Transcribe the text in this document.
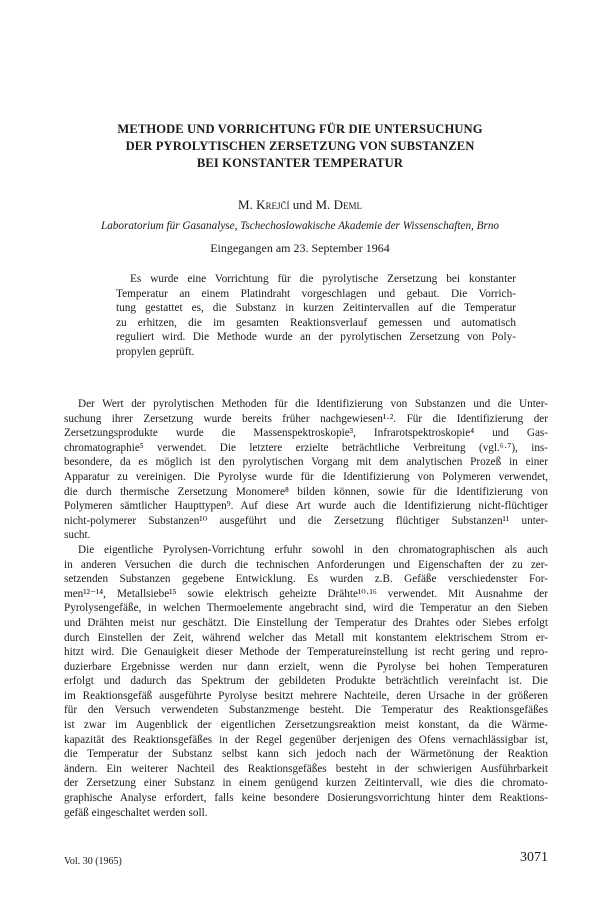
METHODE UND VORRICHTUNG FÜR DIE UNTERSUCHUNG
DER PYROLYTISCHEN ZERSETZUNG VON SUBSTANZEN
BEI KONSTANTER TEMPERATUR
M. Krejčí und M. Deml
Laboratorium für Gasanalyse, Tschechoslowakische Akademie der Wissenschaften, Brno
Eingegangen am 23. September 1964
Es wurde eine Vorrichtung für die pyrolytische Zersetzung bei konstanter
Temperatur an einem Platindraht vorgeschlagen und gebaut. Die Vorrich-
tung gestattet es, die Substanz in kurzen Zeitintervallen auf die Temperatur
zu erhitzen, die im gesamten Reaktionsverlauf gemessen und automatisch
reguliert wird. Die Methode wurde an der pyrolytischen Zersetzung von Poly-
propylen geprüft.
Der Wert der pyrolytischen Methoden für die Identifizierung von Substanzen und die Unter-
suchung ihrer Zersetzung wurde bereits früher nachgewiesen¹·². Für die Identifizierung der
Zersetzungsprodukte wurde die Massenspektroskopie³, Infrarotspektroskopie⁴ und Gas-
chromatographie⁵ verwendet. Die letztere erzielte beträchtliche Verbreitung (vgl.⁶·⁷), ins-
besondere, da es möglich ist den pyrolytischen Vorgang mit dem analytischen Prozeß in einer
Apparatur zu vereinigen. Die Pyrolyse wurde für die Identifizierung von Polymeren verwendet,
die durch thermische Zersetzung Monomere⁸ bilden können, sowie für die Identifizierung von
Polymeren sämtlicher Haupttypen⁹. Auf diese Art wurde auch die Identifizierung nicht-flüchtiger
nicht-polymerer Substanzen¹⁰ ausgeführt und die Zersetzung flüchtiger Substanzen¹¹ unter-
sucht.
Die eigentliche Pyrolysen-Vorrichtung erfuhr sowohl in den chromatographischen als auch
in anderen Versuchen die durch die technischen Anforderungen und Eigenschaften der zu zer-
setzenden Substanzen gegebene Entwicklung. Es wurden z.B. Gefäße verschiedenster For-
men¹²⁻¹⁴, Metallsiebe¹⁵ sowie elektrisch geheizte Drähte¹⁰·¹⁶ verwendet. Mit Ausnahme der
Pyrolysengefäße, in welchen Thermoelemente angebracht sind, wird die Temperatur an den Sieben
und Drähten meist nur geschätzt. Die Einstellung der Temperatur des Drahtes oder Siebes erfolgt
durch Einstellen der Zeit, während welcher das Metall mit konstantem elektrischem Strom er-
hitzt wird. Die Genauigkeit dieser Methode der Temperatureinstellung ist recht gering und repro-
duzierbare Ergebnisse werden nur dann erzielt, wenn die Pyrolyse bei hohen Temperaturen
erfolgt und dadurch das Spektrum der gebildeten Produkte beträchtlich vereinfacht ist. Die
im Reaktionsgefäß ausgeführte Pyrolyse besitzt mehrere Nachteile, deren Ursache in der größeren
für den Versuch verwendeten Substanzmenge besteht. Die Temperatur des Reaktionsgefäßes
ist zwar im Augenblick der eigentlichen Zersetzungsreaktion meist konstant, da die Wärme-
kapazität des Reaktionsgefäßes in der Regel gegenüber derjenigen des Ofens vernachlässigbar ist,
die Temperatur der Substanz selbst kann sich jedoch nach der Wärmetönung der Reaktion
ändern. Ein weiterer Nachteil des Reaktionsgefäßes besteht in der schwierigen Ausführbarkeit
der Zersetzung einer Substanz in einem genügend kurzen Zeitintervall, wie dies die chromato-
graphische Analyse erfordert, falls keine besondere Dosierungsvorrichtung hinter dem Reaktions-
gefäß eingeschaltet werden soll.
Vol. 30 (1965)	3071
